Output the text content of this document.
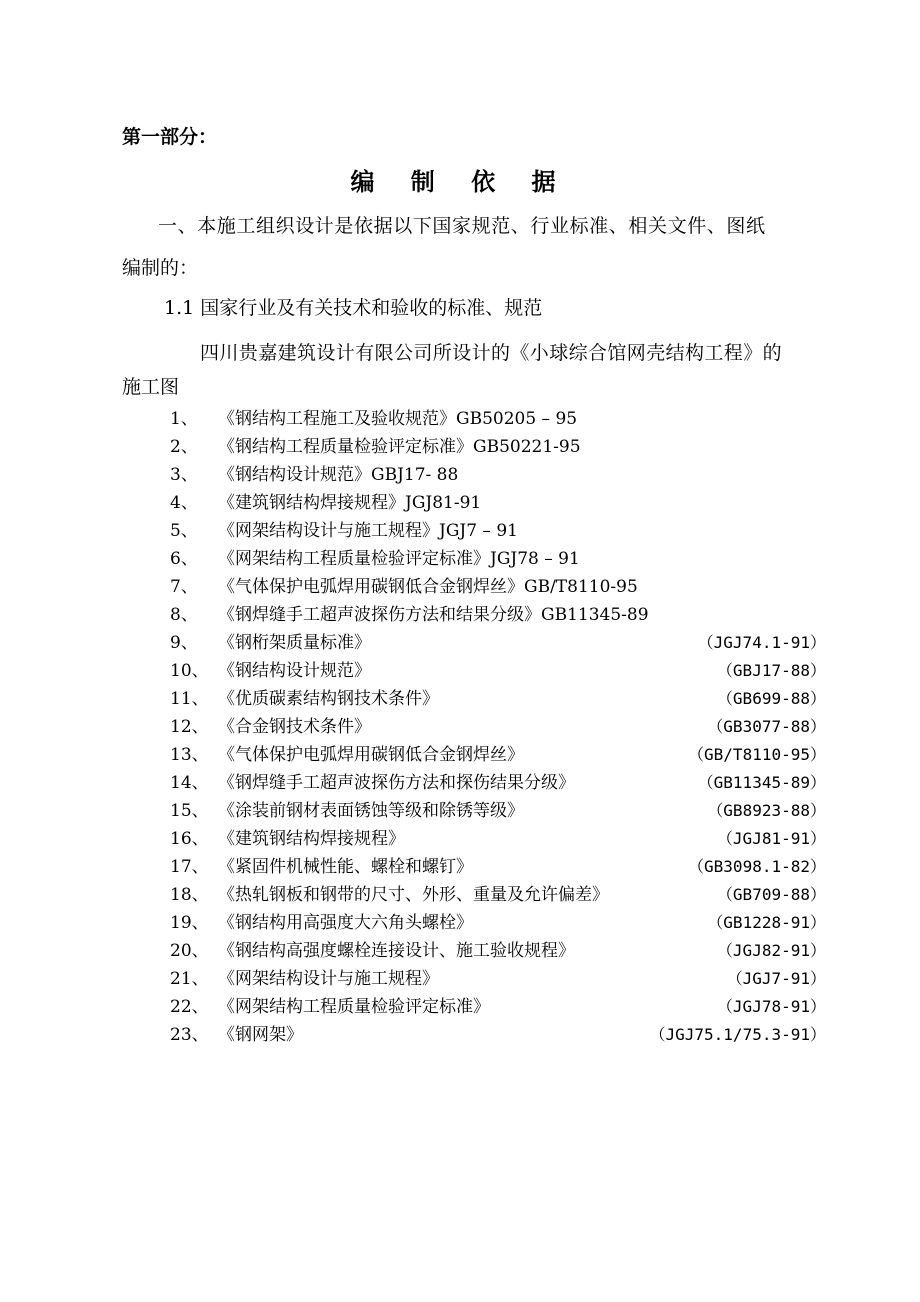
第一部分：
编 制 依 据
一、本施工组织设计是依据以下国家规范、行业标准、相关文件、图纸
编制的：
1.1 国家行业及有关技术和验收的标准、规范
四川贵嘉建筑设计有限公司所设计的《小球综合馆网壳结构工程》的
施工图
1、 《钢结构工程施工及验收规范》GB50205 – 95
2、 《钢结构工程质量检验评定标准》GB50221-95
3、 《钢结构设计规范》GBJ17- 88
4、 《建筑钢结构焊接规程》JGJ81-91
5、 《网架结构设计与施工规程》JGJ7 – 91
6、 《网架结构工程质量检验评定标准》JGJ78 – 91
7、 《气体保护电弧焊用碳钢低合金钢焊丝》GB/T8110-95
8、 《钢焊缝手工超声波探伤方法和结果分级》GB11345-89
9、 《钢桁架质量标准》	（JGJ74.1-91）
10、 《钢结构设计规范》	（GBJ17-88）
11、 《优质碳素结构钢技术条件》	（GB699-88）
12、 《合金钢技术条件》	（GB3077-88）
13、 《气体保护电弧焊用碳钢低合金钢焊丝》	（GB/T8110-95）
14、 《钢焊缝手工超声波探伤方法和探伤结果分级》	（GB11345-89）
15、 《涂装前钢材表面锈蚀等级和除锈等级》	（GB8923-88）
16、 《建筑钢结构焊接规程》	（JGJ81-91）
17、 《紧固件机械性能、螺栓和螺钉》	（GB3098.1-82）
18、 《热轧钢板和钢带的尺寸、外形、重量及允许偏差》	（GB709-88）
19、 《钢结构用高强度大六角头螺栓》	（GB1228-91）
20、 《钢结构高强度螺栓连接设计、施工验收规程》	（JGJ82-91）
21、 《网架结构设计与施工规程》	（JGJ7-91）
22、 《网架结构工程质量检验评定标准》	（JGJ78-91）
23、 《钢网架》	（JGJ75.1/75.3-91）
